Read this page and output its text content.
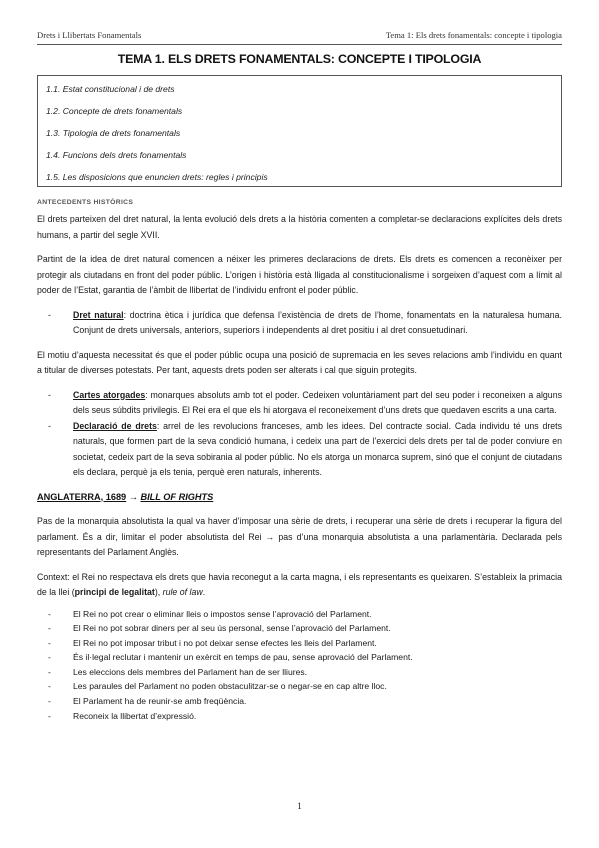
Drets i Llibertats Fonamentals	Tema 1: Els drets fonamentals: concepte i tipologia
TEMA 1. ELS DRETS FONAMENTALS: CONCEPTE I TIPOLOGIA
1.1. Estat constitucional i de drets
1.2. Concepte de drets fonamentals
1.3. Tipologia de drets fonamentals
1.4. Funcions dels drets fonamentals
1.5. Les disposicions que enuncien drets: regles i principis
ANTECEDENTS HISTÒRICS

El drets parteixen del dret natural, la lenta evolució dels drets a la història comenten a completar-se declaracions explícites dels drets humans, a partir del segle XVII.

Partint de la idea de dret natural comencen a néixer les primeres declaracions de drets. Els drets es comencen a reconèixer per protegir als ciutadans en front del poder públic. L’origen i història està lligada al constitucionalisme i sorgeixen d’aquest com a límit al poder de l’Estat, garantia de l’àmbit de llibertat de l’individu enfront el poder públic.

-	Dret natural: doctrina ètica i jurídica que defensa l’existència de drets de l’home, fonamentats en la naturalesa humana. Conjunt de drets universals, anteriors, superiors i independents al dret positiu i al dret consuetudinari.

El motiu d’aquesta necessitat és que el poder públic ocupa una posició de supremacia en les seves relacions amb l’individu en quant a titular de diverses potestats. Per tant, aquests drets poden ser alterats i cal que siguin protegits.

-	Cartes atorgades: monarques absoluts amb tot el poder. Cedeixen voluntàriament part del seu poder i reconeixen a alguns dels seus súbdits privilegis. El Rei era el que els hi atorgava el reconeixement d’uns drets que quedaven escrits a una carta.

-	Declaració de drets: arrel de les revolucions franceses, amb les idees. Del contracte social. Cada individu té uns drets naturals, que formen part de la seva condició humana, i cedeix una part de l’exercici dels drets per tal de poder conviure en societat, cedeix part de la seva sobirania al poder públic. No els atorga un monarca suprem, sinó que el conjunt de ciutadans els declara, perquè ja els tenia, perquè eren naturals, inherents.

ANGLATERRA, 1689 → BILL OF RIGHTS

Pas de la monarquia absolutista la qual va haver d’imposar una sèrie de drets, i recuperar una sèrie de drets i recuperar la figura del parlament. És a dir, limitar el poder absolutista del Rei → pas d’una monarquia absolutista a una parlamentària. Declarada pels representants del Parlament Anglès.

Context: el Rei no respectava els drets que havia reconegut a la carta magna, i els representants es queixaren. S’estableix la primacia de la llei (principi de legalitat), rule of law.

-	El Rei no pot crear o eliminar lleis o impostos sense l’aprovació del Parlament.
-	El Rei no pot sobrar diners per al seu ús personal, sense l’aprovació del Parlament.
-	El Rei no pot imposar tribut i no pot deixar sense efectes les lleis del Parlament.
-	És il·legal reclutar i mantenir un exèrcit en temps de pau, sense aprovació del Parlament.
-	Les eleccions dels membres del Parlament han de ser lliures.
-	Les paraules del Parlament no poden obstaculitzar-se o negar-se en cap altre lloc.
-	El Parlament ha de reunir-se amb freqüència.
-	Reconeix la llibertat d’expressió.
1
